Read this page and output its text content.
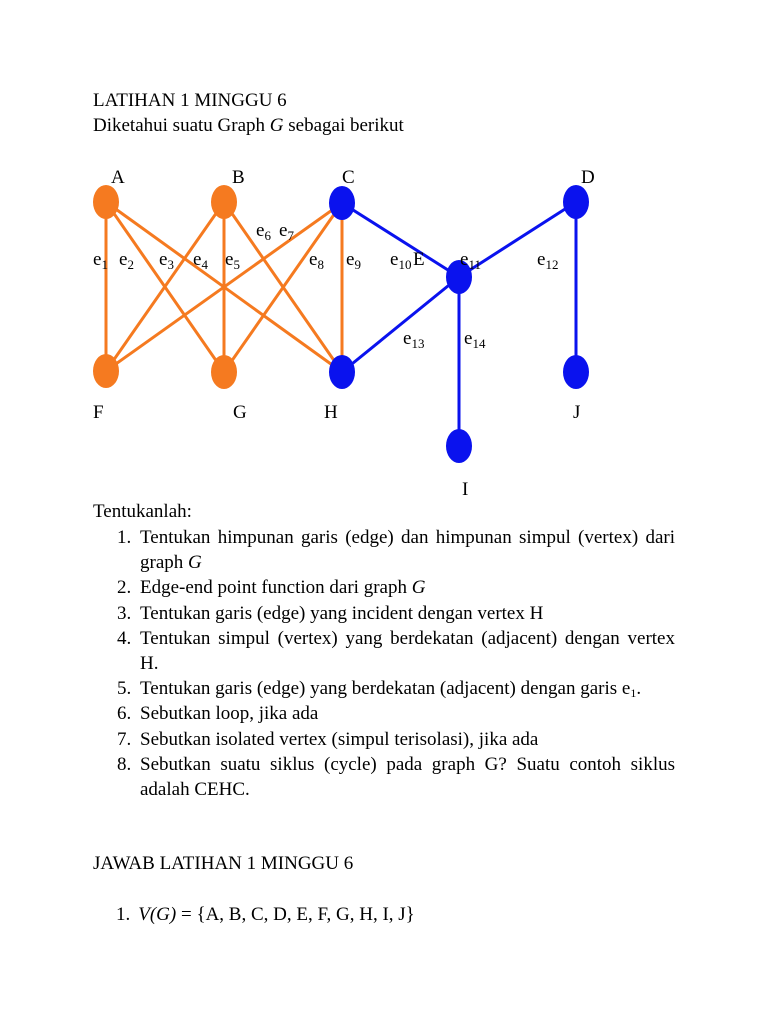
LATIHAN 1 MINGGU 6
Diketahui suatu Graph G sebagai berikut
A	B	C	D
E
F	G	H
I
J
$e_1$ $e_2$ $e_3$ $e_4$ $e_5$
$e_6$ $e_7$
$e_8$ $e_9$ $e_{10}$	$e_{11}$	$e_{12}$
$e_{13}$ $e_{14}$
Tentukanlah:
1. Tentukan himpunan garis (edge) dan himpunan simpul (vertex) dari graph G
2. Edge-end point function dari graph G
3. Tentukan garis (edge) yang incident dengan vertex H
4. Tentukan simpul (vertex) yang berdekatan (adjacent) dengan vertex H.
5. Tentukan garis (edge) yang berdekatan (adjacent) dengan garis $e_1$.
6. Sebutkan loop, jika ada
7. Sebutkan isolated vertex (simpul terisolasi), jika ada
8. Sebutkan suatu siklus (cycle) pada graph G? Suatu contoh siklus adalah CEHC.
JAWAB LATIHAN 1 MINGGU 6
1. V(G) = {A, B, C, D, E, F, G, H, I, J}
